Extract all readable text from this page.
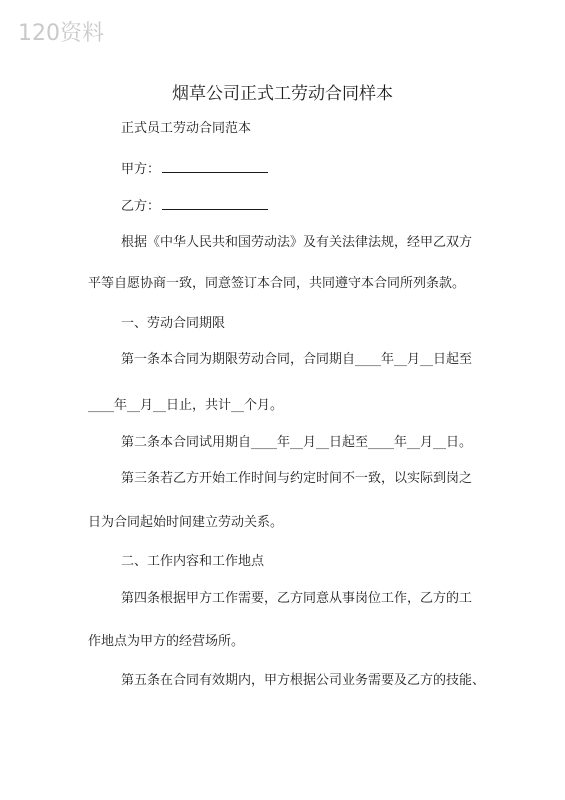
120资料
烟草公司正式工劳动合同样本
正式员工劳动合同范本
甲方：
乙方：
根据《中华人民共和国劳动法》及有关法律法规，经甲乙双方
平等自愿协商一致，同意签订本合同，共同遵守本合同所列条款。
一、劳动合同期限
第一条本合同为期限劳动合同，合同期自____年__月__日起至
____年__月__日止，共计__个月。
第二条本合同试用期自____年__月__日起至____年__月__日。
第三条若乙方开始工作时间与约定时间不一致，以实际到岗之
日为合同起始时间建立劳动关系。
二、工作内容和工作地点
第四条根据甲方工作需要，乙方同意从事岗位工作，乙方的工
作地点为甲方的经营场所。
第五条在合同有效期内，甲方根据公司业务需要及乙方的技能、
